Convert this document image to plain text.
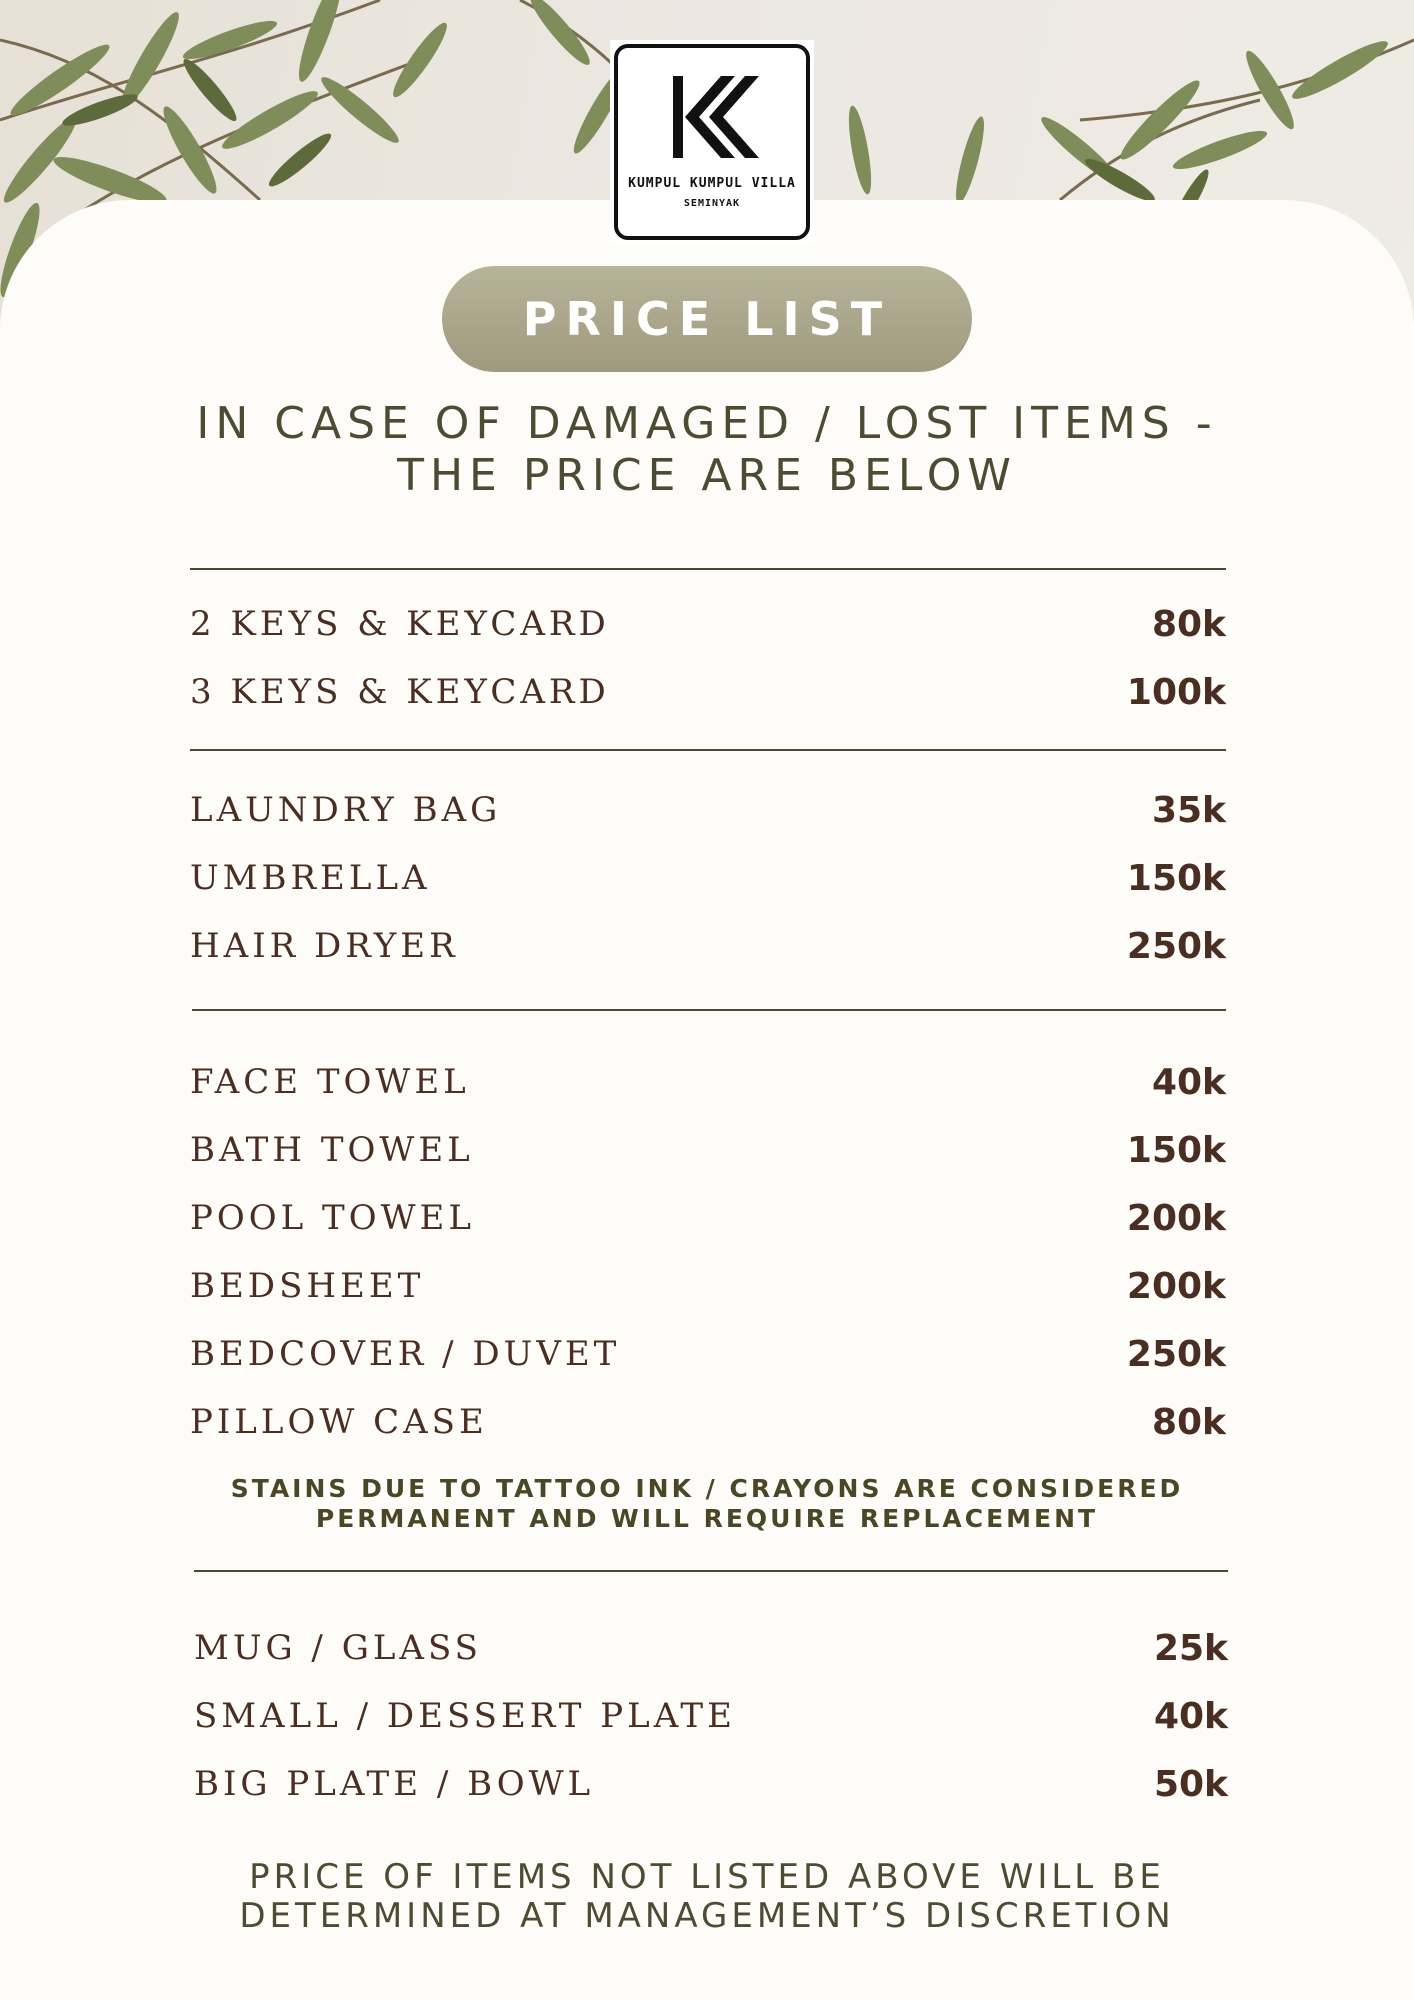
KUMPUL KUMPUL VILLA
SEMINYAK
PRICE LIST
IN CASE OF DAMAGED / LOST ITEMS -
THE PRICE ARE BELOW
2 KEYS & KEYCARD	80k
3 KEYS & KEYCARD	100k
LAUNDRY BAG	35k
UMBRELLA	150k
HAIR DRYER	250k
FACE TOWEL	40k
BATH TOWEL	150k
POOL TOWEL	200k
BEDSHEET	200k
BEDCOVER / DUVET	250k
PILLOW CASE	80k
STAINS DUE TO TATTOO INK / CRAYONS ARE CONSIDERED
PERMANENT AND WILL REQUIRE REPLACEMENT
MUG / GLASS	25k
SMALL / DESSERT PLATE	40k
BIG PLATE / BOWL	50k
PRICE OF ITEMS NOT LISTED ABOVE WILL BE
DETERMINED AT MANAGEMENT’S DISCRETION
